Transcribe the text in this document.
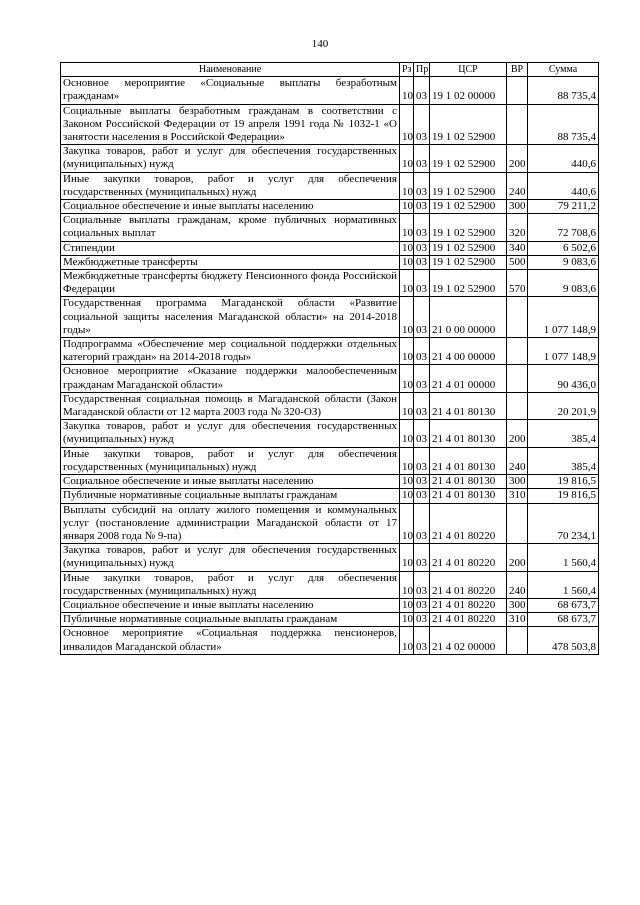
140
Наименование	Рз	Пр	ЦСР	ВР	Сумма
Основное мероприятие «Социальные выплаты безработным гражданам»	10	03	19 1 02 00000		88 735,4
Социальные выплаты безработным гражданам в соответствии с Законом Российской Федерации от 19 апреля 1991 года № 1032-1 «О занятости населения в Российской Федерации»	10	03	19 1 02 52900		88 735,4
Закупка товаров, работ и услуг для обеспечения государственных (муниципальных) нужд	10	03	19 1 02 52900	200	440,6
Иные закупки товаров, работ и услуг для обеспечения государственных (муниципальных) нужд	10	03	19 1 02 52900	240	440,6
Социальное обеспечение и иные выплаты населению	10	03	19 1 02 52900	300	79 211,2
Социальные выплаты гражданам, кроме публичных нормативных социальных выплат	10	03	19 1 02 52900	320	72 708,6
Стипендии	10	03	19 1 02 52900	340	6 502,6
Межбюджетные трансферты	10	03	19 1 02 52900	500	9 083,6
Межбюджетные трансферты бюджету Пенсионного фонда Российской Федерации	10	03	19 1 02 52900	570	9 083,6
Государственная программа Магаданской области «Развитие социальной защиты населения Магаданской области» на 2014-2018 годы»	10	03	21 0 00 00000		1 077 148,9
Подпрограмма «Обеспечение мер социальной поддержки отдельных категорий граждан» на 2014-2018 годы»	10	03	21 4 00 00000		1 077 148,9
Основное мероприятие «Оказание поддержки малообеспеченным гражданам Магаданской области»	10	03	21 4 01 00000		90 436,0
Государственная социальная помощь в Магаданской области (Закон Магаданской области от 12 марта 2003 года № 320-ОЗ)	10	03	21 4 01 80130		20 201,9
Закупка товаров, работ и услуг для обеспечения государственных (муниципальных) нужд	10	03	21 4 01 80130	200	385,4
Иные закупки товаров, работ и услуг для обеспечения государственных (муниципальных) нужд	10	03	21 4 01 80130	240	385,4
Социальное обеспечение и иные выплаты населению	10	03	21 4 01 80130	300	19 816,5
Публичные нормативные социальные выплаты гражданам	10	03	21 4 01 80130	310	19 816,5
Выплаты субсидий на оплату жилого помещения и коммунальных услуг (постановление администрации Магаданской области от 17 января 2008 года № 9-па)	10	03	21 4 01 80220		70 234,1
Закупка товаров, работ и услуг для обеспечения государственных (муниципальных) нужд	10	03	21 4 01 80220	200	1 560,4
Иные закупки товаров, работ и услуг для обеспечения государственных (муниципальных) нужд	10	03	21 4 01 80220	240	1 560,4
Социальное обеспечение и иные выплаты населению	10	03	21 4 01 80220	300	68 673,7
Публичные нормативные социальные выплаты гражданам	10	03	21 4 01 80220	310	68 673,7
Основное мероприятие «Социальная поддержка пенсионеров, инвалидов Магаданской области»	10	03	21 4 02 00000		478 503,8
